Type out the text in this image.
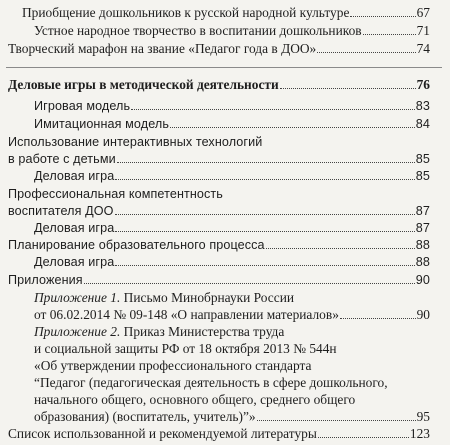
Приобщение дошкольников к русской народной культуре	67
Устное народное творчество в воспитании дошкольников	71
Творческий марафон на звание «Педагог года в ДОО»	74
Деловые игры в методической деятельности	76
Игровая модель	83
Имитационная модель	84
Использование интерактивных технологий
в работе с детьми	85
Деловая игра	85
Профессиональная компетентность
воспитателя ДОО	87
Деловая игра	87
Планирование образовательного процесса	88
Деловая игра	88
Приложения	90
Приложение 1. Письмо Минобрнауки России
от 06.02.2014 № 09-148 «О направлении материалов»	90
Приложение 2. Приказ Министерства труда
и социальной защиты РФ от 18 октября 2013 № 544н
«Об утверждении профессионального стандарта
“Педагог (педагогическая деятельность в сфере дошкольного,
начального общего, основного общего, среднего общего
образования) (воспитатель, учитель)”»	95
Список использованной и рекомендуемой литературы	123
